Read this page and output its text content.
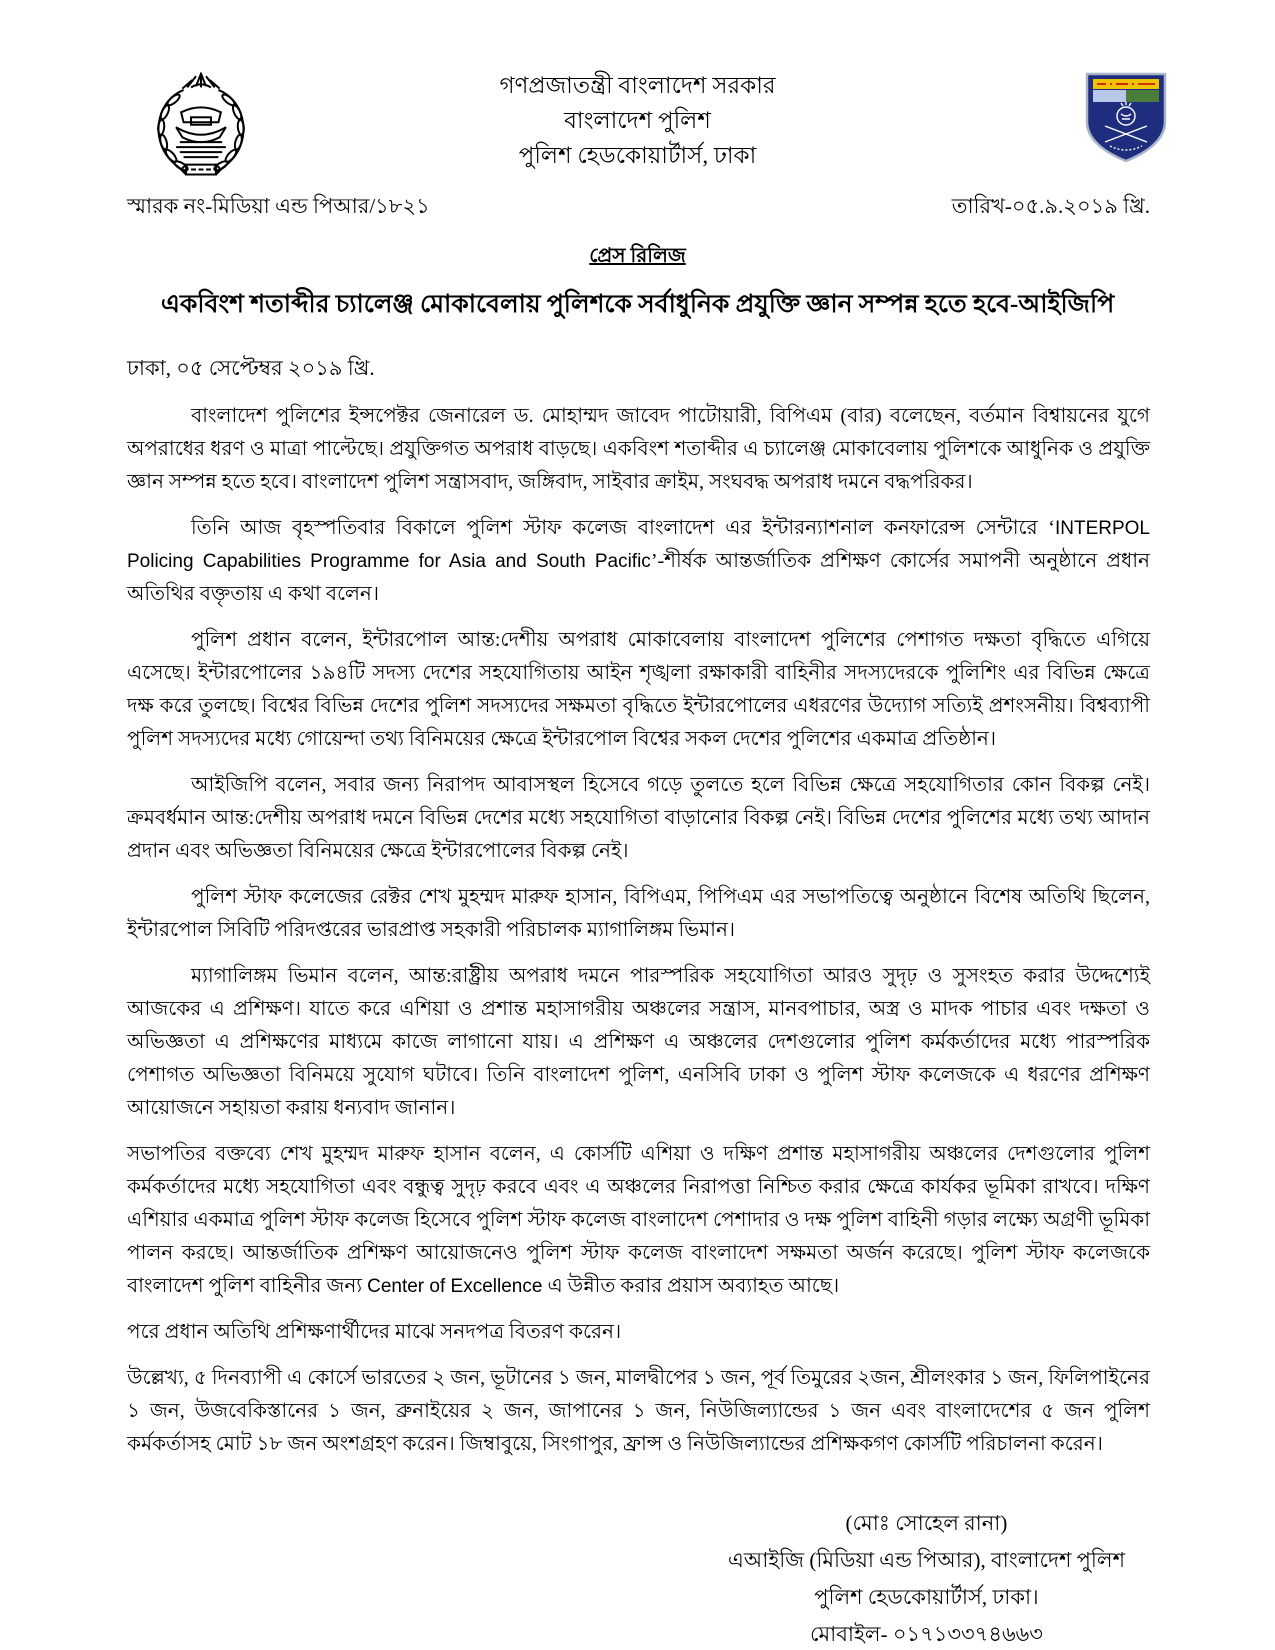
গণপ্রজাতন্ত্রী বাংলাদেশ সরকার
বাংলাদেশ পুলিশ
পুলিশ হেডকোয়ার্টার্স, ঢাকা
স্মারক নং-মিডিয়া এন্ড পিআর/১৮২১	তারিখ-০৫.৯.২০১৯ খ্রি.
প্রেস রিলিজ
একবিংশ শতাব্দীর চ্যালেঞ্জ মোকাবেলায় পুলিশকে সর্বাধুনিক প্রযুক্তি জ্ঞান সম্পন্ন হতে হবে-আইজিপি
ঢাকা, ০৫ সেপ্টেম্বর ২০১৯ খ্রি.

বাংলাদেশ পুলিশের ইন্সপেক্টর জেনারেল ড. মোহাম্মদ জাবেদ পাটোয়ারী, বিপিএম (বার) বলেছেন, বর্তমান বিশ্বায়নের যুগে অপরাধের ধরণ ও মাত্রা পাল্টেছে। প্রযুক্তিগত অপরাধ বাড়ছে। একবিংশ শতাব্দীর এ চ্যালেঞ্জ মোকাবেলায় পুলিশকে আধুনিক ও প্রযুক্তি জ্ঞান সম্পন্ন হতে হবে। বাংলাদেশ পুলিশ সন্ত্রাসবাদ, জঙ্গিবাদ, সাইবার ক্রাইম, সংঘবদ্ধ অপরাধ দমনে বদ্ধপরিকর।

তিনি আজ বৃহস্পতিবার বিকালে পুলিশ স্টাফ কলেজ বাংলাদেশ এর ইন্টারন্যাশনাল কনফারেন্স সেন্টারে ‘INTERPOL Policing Capabilities Programme for Asia and South Pacific’-শীর্ষক আন্তর্জাতিক প্রশিক্ষণ কোর্সের সমাপনী অনুষ্ঠানে প্রধান অতিথির বক্তৃতায় এ কথা বলেন।

পুলিশ প্রধান বলেন, ইন্টারপোল আন্ত:দেশীয় অপরাধ মোকাবেলায় বাংলাদেশ পুলিশের পেশাগত দক্ষতা বৃদ্ধিতে এগিয়ে এসেছে। ইন্টারপোলের ১৯৪টি সদস্য দেশের সহযোগিতায় আইন শৃঙ্খলা রক্ষাকারী বাহিনীর সদস্যদেরকে পুলিশিং এর বিভিন্ন ক্ষেত্রে দক্ষ করে তুলছে। বিশ্বের বিভিন্ন দেশের পুলিশ সদস্যদের সক্ষমতা বৃদ্ধিতে ইন্টারপোলের এধরণের উদ্যোগ সত্যিই প্রশংসনীয়। বিশ্বব্যাপী পুলিশ সদস্যদের মধ্যে গোয়েন্দা তথ্য বিনিময়ের ক্ষেত্রে ইন্টারপোল বিশ্বের সকল দেশের পুলিশের একমাত্র প্রতিষ্ঠান।

আইজিপি বলেন, সবার জন্য নিরাপদ আবাসস্থল হিসেবে গড়ে তুলতে হলে বিভিন্ন ক্ষেত্রে সহযোগিতার কোন বিকল্প নেই। ক্রমবর্ধমান আন্ত:দেশীয় অপরাধ দমনে বিভিন্ন দেশের মধ্যে সহযোগিতা বাড়ানোর বিকল্প নেই। বিভিন্ন দেশের পুলিশের মধ্যে তথ্য আদান প্রদান এবং অভিজ্ঞতা বিনিময়ের ক্ষেত্রে ইন্টারপোলের বিকল্প নেই।

পুলিশ স্টাফ কলেজের রেক্টর শেখ মুহম্মদ মারুফ হাসান, বিপিএম, পিপিএম এর সভাপতিত্বে অনুষ্ঠানে বিশেষ অতিথি ছিলেন, ইন্টারপোল সিবিটি পরিদপ্তরের ভারপ্রাপ্ত সহকারী পরিচালক ম্যাগালিঙ্গম ভিমান।

ম্যাগালিঙ্গম ভিমান বলেন, আন্ত:রাষ্ট্রীয় অপরাধ দমনে পারস্পরিক সহযোগিতা আরও সুদৃঢ় ও সুসংহত করার উদ্দেশ্যেই আজকের এ প্রশিক্ষণ। যাতে করে এশিয়া ও প্রশান্ত মহাসাগরীয় অঞ্চলের সন্ত্রাস, মানবপাচার, অস্ত্র ও মাদক পাচার এবং দক্ষতা ও অভিজ্ঞতা এ প্রশিক্ষণের মাধ্যমে কাজে লাগানো যায়। এ প্রশিক্ষণ এ অঞ্চলের দেশগুলোর পুলিশ কর্মকর্তাদের মধ্যে পারস্পরিক পেশাগত অভিজ্ঞতা বিনিময়ে সুযোগ ঘটাবে। তিনি বাংলাদেশ পুলিশ, এনসিবি ঢাকা ও পুলিশ স্টাফ কলেজকে এ ধরণের প্রশিক্ষণ আয়োজনে সহায়তা করায় ধন্যবাদ জানান।

সভাপতির বক্তব্যে শেখ মুহম্মদ মারুফ হাসান বলেন, এ কোর্সটি এশিয়া ও দক্ষিণ প্রশান্ত মহাসাগরীয় অঞ্চলের দেশগুলোর পুলিশ কর্মকর্তাদের মধ্যে সহযোগিতা এবং বন্ধুত্ব সুদৃঢ় করবে এবং এ অঞ্চলের নিরাপত্তা নিশ্চিত করার ক্ষেত্রে কার্যকর ভূমিকা রাখবে। দক্ষিণ এশিয়ার একমাত্র পুলিশ স্টাফ কলেজ হিসেবে পুলিশ স্টাফ কলেজ বাংলাদেশ পেশাদার ও দক্ষ পুলিশ বাহিনী গড়ার লক্ষ্যে অগ্রণী ভূমিকা পালন করছে। আন্তর্জাতিক প্রশিক্ষণ আয়োজনেও পুলিশ স্টাফ কলেজ বাংলাদেশ সক্ষমতা অর্জন করেছে। পুলিশ স্টাফ কলেজকে বাংলাদেশ পুলিশ বাহিনীর জন্য Center of Excellence এ উন্নীত করার প্রয়াস অব্যাহত আছে।

পরে প্রধান অতিথি প্রশিক্ষণার্থীদের মাঝে সনদপত্র বিতরণ করেন।

উল্লেখ্য, ৫ দিনব্যাপী এ কোর্সে ভারতের ২ জন, ভূটানের ১ জন, মালদ্বীপের ১ জন, পূর্ব তিমুরের ২জন, শ্রীলংকার ১ জন, ফিলিপাইনের ১ জন, উজবেকিস্তানের ১ জন, ব্রুনাইয়ের ২ জন, জাপানের ১ জন, নিউজিল্যান্ডের ১ জন এবং বাংলাদেশের ৫ জন পুলিশ কর্মকর্তাসহ মোট ১৮ জন অংশগ্রহণ করেন। জিম্বাবুয়ে, সিংগাপুর, ফ্রান্স ও নিউজিল্যান্ডের প্রশিক্ষকগণ কোর্সটি পরিচালনা করেন।

(মোঃ সোহেল রানা)
এআইজি (মিডিয়া এন্ড পিআর), বাংলাদেশ পুলিশ
পুলিশ হেডকোয়ার্টার্স, ঢাকা।
মোবাইল- ০১৭১৩৩৭৪৬৬৩
